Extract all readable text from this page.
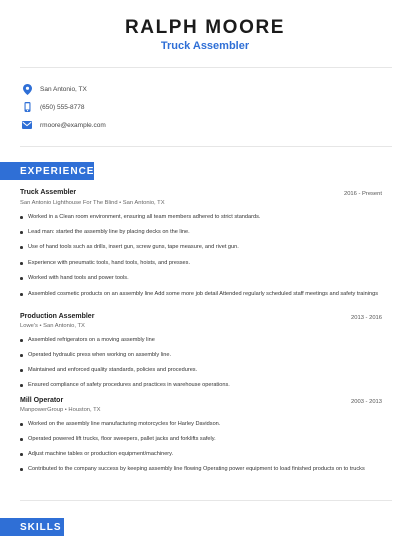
RALPH MOORE
Truck Assembler
San Antonio, TX
(650) 555-8778
rmoore@example.com
EXPERIENCE
Truck Assembler	2016 - Present
San Antonio Lighthouse For The Blind • San Antonio, TX
Worked in a Clean room environment, ensuring all team members adhered to strict standards.
Lead man: started the assembly line by placing decks on the line.
Use of hand tools such as drills, insert gun, screw guns, tape measure, and rivet gun.
Experience with pneumatic tools, hand tools, hoists, and presses.
Worked with hand tools and power tools.
Assembled cosmetic products on an assembly line Add some more job detail Attended regularly scheduled staff meetings and safety trainings
Production Assembler	2013 - 2016
Lowe's • San Antonio, TX
Assembled refrigerators on a moving assembly line
Operated hydraulic press when working on assembly line.
Maintained and enforced quality standards, policies and procedures.
Ensured compliance of safety procedures and practices in warehouse operations.
Mill Operator	2003 - 2013
ManpowerGroup • Houston, TX
Worked on the assembly line manufacturing motorcycles for Harley Davidson.
Operated powered lift trucks, floor sweepers, pallet jacks and forklifts safely.
Adjust machine tables or production equipment/machinery.
Contributed to the company success by keeping assembly line flowing Operating power equipment to load finished products on to trucks
SKILLS
